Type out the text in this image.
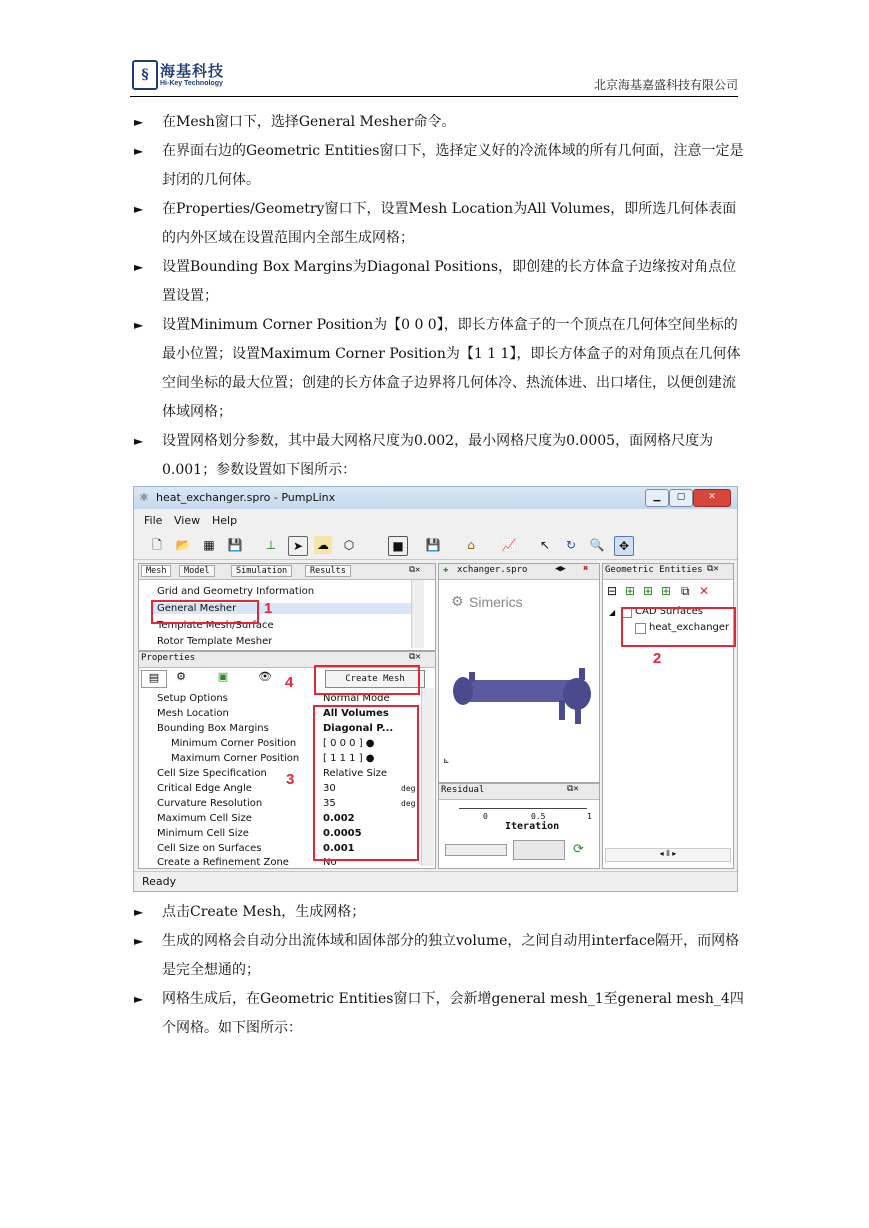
§ 海基科技
Hi-Key Technology	北京海基嘉盛科技有限公司
► 在Mesh窗口下，选择General Mesher命令。
► 在界面右边的Geometric Entities窗口下，选择定义好的冷流体域的所有几何面，注意一定是封闭的几何体。
► 在Properties/Geometry窗口下，设置Mesh Location为All Volumes，即所选几何体表面的内外区域在设置范围内全部生成网格；
► 设置Bounding Box Margins为Diagonal Positions，即创建的长方体盒子边缘按对角点位置设置；
► 设置Minimum Corner Position为【0 0 0】，即长方体盒子的一个顶点在几何体空间坐标的最小位置；设置Maximum Corner Position为【1 1 1】，即长方体盒子的对角顶点在几何体空间坐标的最大位置；创建的长方体盒子边界将几何体冷、热流体进、出口堵住，以便创建流体域网格；
► 设置网格划分参数，其中最大网格尺度为0.002，最小网格尺度为0.0005，面网格尺度为0.001；参数设置如下图所示：
⚛ heat_exchanger.spro - PumpLinx	▁	▢	✕
File View Help
🗋	📂 ▦ 💾	⊥	➤	☁	⬡	■	💾	⌂	📈	↖	↻	🔍	✥
Mesh	Model	Simulation	Results	⧉✕
Grid and Geometry Information
General Mesher
Template Mesh/Surface
Rotor Template Mesher
1
Properties	⧉✕
▤	⚙	▣	👁	Create Mesh
Setup Options	Normal Mode
Mesh Location	All Volumes
Bounding Box Margins	Diagonal P...
Minimum Corner Position	[ 0 0 0 ] ●
Maximum Corner Position [ 1 1 1 ] ●
Cell Size Specification	Relative Size
Critical Edge Angle	30	deg
Curvature Resolution	35	deg
Maximum Cell Size	0.002
Minimum Cell Size	0.0005
Cell Size on Surfaces	0.001
Create a Refinement Zone	No
4
3
✚ xchanger.spro	◀▶ ✖
⚙ Simerics
⊾
Residual	⧉✕
0	0.5	1
Iteration
⟳
Geometric Entities ⧉✕
⊟ ⊞ ⊞ ⊞ ⧉ ✕
◢ CAD Surfaces
heat_exchanger
◂ ⦀ ▸
2
Ready
► 点击Create Mesh，生成网格；
► 生成的网格会自动分出流体域和固体部分的独立volume，之间自动用interface隔开，而网格是完全想通的；
► 网格生成后，在Geometric Entities窗口下，会新增general mesh_1至general mesh_4四个网格。如下图所示：
